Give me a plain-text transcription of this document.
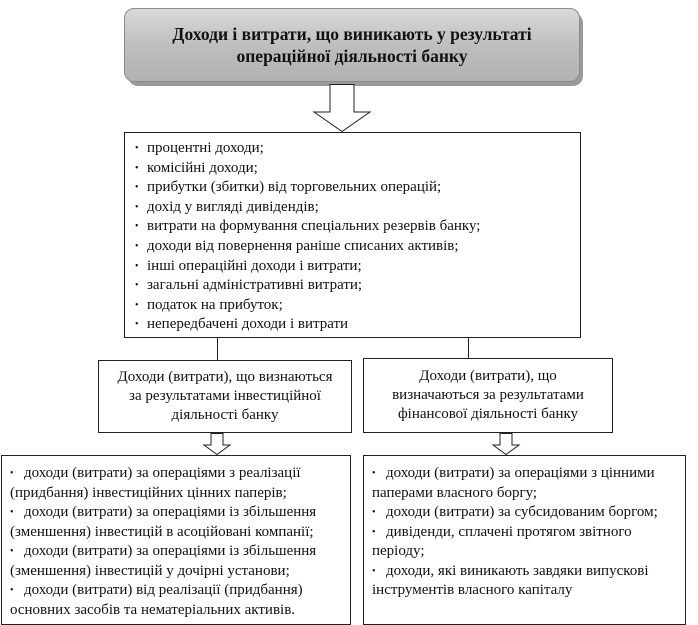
Доходи і витрати, що виникають у результаті
операційної діяльності банку
• процентні доходи;
• комісійні доходи;
• прибутки (збитки) від торговельних операцій;
• дохід у вигляді дивідендів;
• витрати на формування спеціальних резервів банку;
• доходи від повернення раніше списаних активів;
• інші операційні доходи і витрати;
• загальні адміністративні витрати;
• податок на прибуток;
• непередбачені доходи і витрати
Доходи (витрати), що визнаються
за результатами інвестиційної
діяльності банку
Доходи (витрати), що
визначаються за результатами
фінансової діяльності банку
• доходи (витрати) за операціями з реалізації
(придбання) інвестиційних цінних паперів;
• доходи (витрати) за операціями із збільшення
(зменшення) інвестицій в асоційовані компанії;
• доходи (витрати) за операціями із збільшення
(зменшення) інвестицій у дочірні установи;
• доходи (витрати) від реалізації (придбання)
основних засобів та нематеріальних активів.
• доходи (витрати) за операціями з цінними
паперами власного боргу;
• доходи (витрати) за субсидованим боргом;
• дивіденди, сплачені протягом звітного
періоду;
• доходи, які виникають завдяки випускові
інструментів власного капіталу
